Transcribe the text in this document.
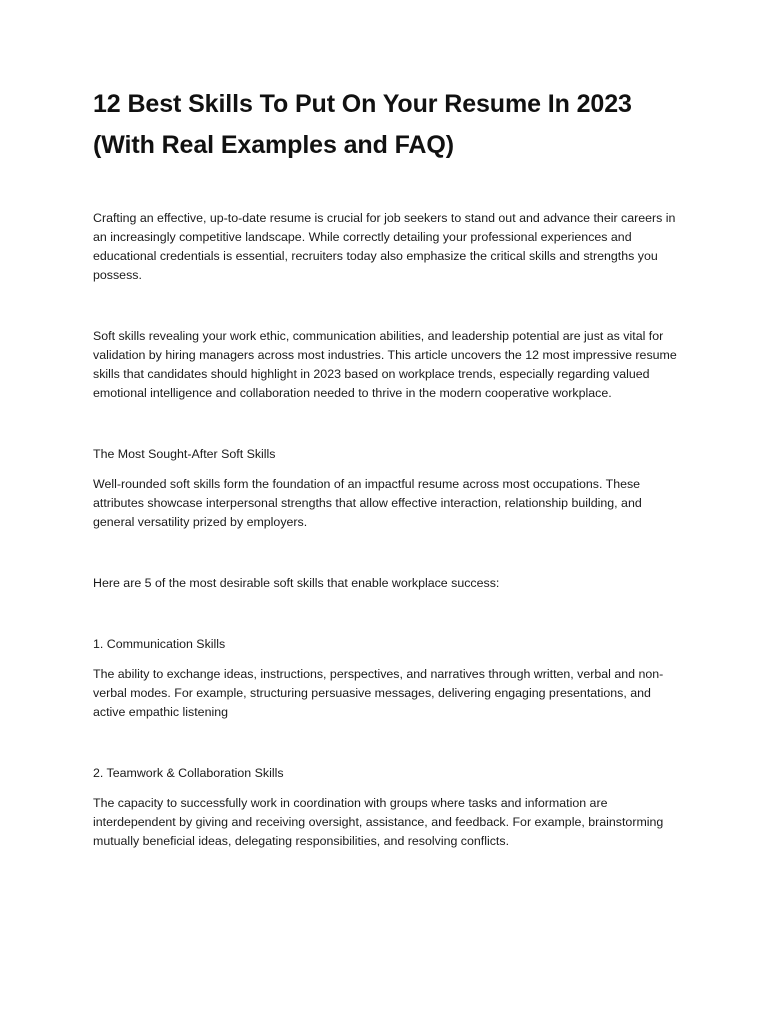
12 Best Skills To Put On Your Resume In 2023 (With Real Examples and FAQ)

Crafting an effective, up-to-date resume is crucial for job seekers to stand out and advance their careers in an increasingly competitive landscape. While correctly detailing your professional experiences and educational credentials is essential, recruiters today also emphasize the critical skills and strengths you possess.

Soft skills revealing your work ethic, communication abilities, and leadership potential are just as vital for validation by hiring managers across most industries. This article uncovers the 12 most impressive resume skills that candidates should highlight in 2023 based on workplace trends, especially regarding valued emotional intelligence and collaboration needed to thrive in the modern cooperative workplace.

The Most Sought-After Soft Skills

Well-rounded soft skills form the foundation of an impactful resume across most occupations. These attributes showcase interpersonal strengths that allow effective interaction, relationship building, and general versatility prized by employers.

Here are 5 of the most desirable soft skills that enable workplace success:

1. Communication Skills

The ability to exchange ideas, instructions, perspectives, and narratives through written, verbal and non-verbal modes. For example, structuring persuasive messages, delivering engaging presentations, and active empathic listening

2. Teamwork & Collaboration Skills

The capacity to successfully work in coordination with groups where tasks and information are interdependent by giving and receiving oversight, assistance, and feedback. For example, brainstorming mutually beneficial ideas, delegating responsibilities, and resolving conflicts.
